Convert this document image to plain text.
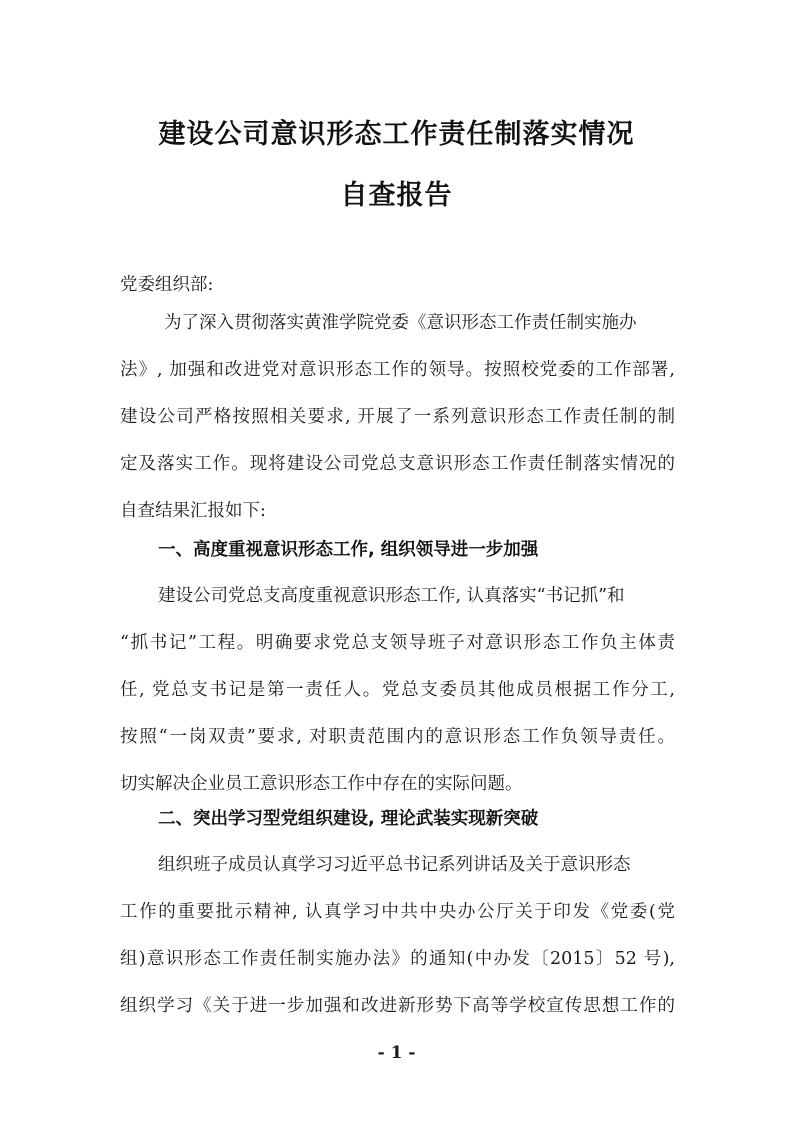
建设公司意识形态工作责任制落实情况
自查报告
党委组织部:
为了深入贯彻落实黄淮学院党委《意识形态工作责任制实施办
法》, 加强和改进党对意识形态工作的领导。按照校党委的工作部署,
建设公司严格按照相关要求, 开展了一系列意识形态工作责任制的制
定及落实工作。现将建设公司党总支意识形态工作责任制落实情况的
自查结果汇报如下:
一、高度重视意识形态工作, 组织领导进一步加强
建设公司党总支高度重视意识形态工作, 认真落实“书记抓”和
“抓书记”工程。明确要求党总支领导班子对意识形态工作负主体责
任, 党总支书记是第一责任人。党总支委员其他成员根据工作分工,
按照“一岗双责”要求, 对职责范围内的意识形态工作负领导责任。
切实解决企业员工意识形态工作中存在的实际问题。
二、突出学习型党组织建设, 理论武装实现新突破
组织班子成员认真学习习近平总书记系列讲话及关于意识形态
工作的重要批示精神, 认真学习中共中央办公厅关于印发《党委(党
组)意识形态工作责任制实施办法》的通知(中办发〔2015〕52 号),
组织学习《关于进一步加强和改进新形势下高等学校宣传思想工作的
- 1 -
